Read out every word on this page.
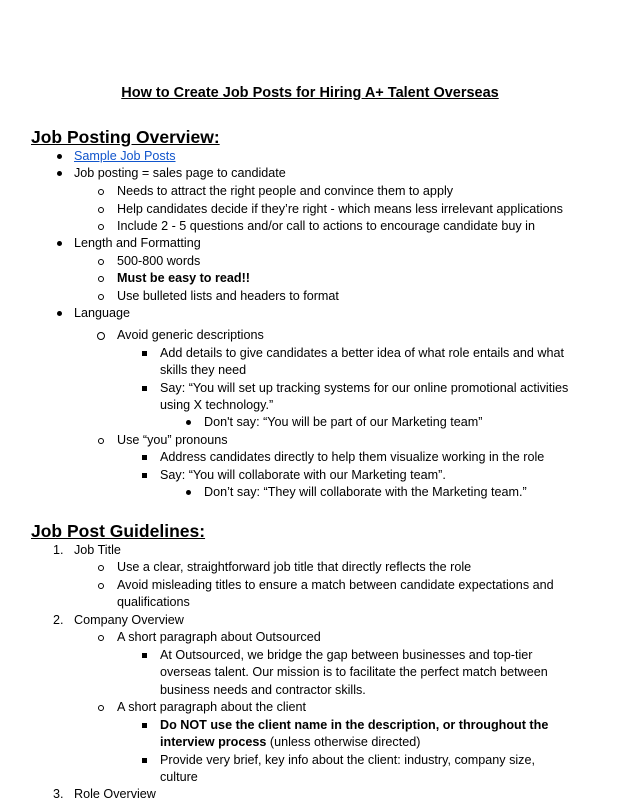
How to Create Job Posts for Hiring A+ Talent Overseas
Job Posting Overview:
Sample Job Posts
Job posting = sales page to candidate
Needs to attract the right people and convince them to apply
Help candidates decide if they’re right - which means less irrelevant applications
Include 2 - 5 questions and/or call to actions to encourage candidate buy in
Length and Formatting
500-800 words
Must be easy to read!!
Use bulleted lists and headers to format
Language
Avoid generic descriptions
Add details to give candidates a better idea of what role entails and what
skills they need
Say: “You will set up tracking systems for our online promotional activities
using X technology.”
Don't say: “You will be part of our Marketing team”
Use “you” pronouns
Address candidates directly to help them visualize working in the role
Say: “You will collaborate with our Marketing team”.
Don’t say: “They will collaborate with the Marketing team.”
Job Post Guidelines:
1. Job Title
Use a clear, straightforward job title that directly reflects the role
Avoid misleading titles to ensure a match between candidate expectations and
qualifications
2. Company Overview
A short paragraph about Outsourced
At Outsourced, we bridge the gap between businesses and top-tier
overseas talent. Our mission is to facilitate the perfect match between
business needs and contractor skills.
A short paragraph about the client
Do NOT use the client name in the description, or throughout the
interview process (unless otherwise directed)
Provide very brief, key info about the client: industry, company size,
culture
3. Role Overview
